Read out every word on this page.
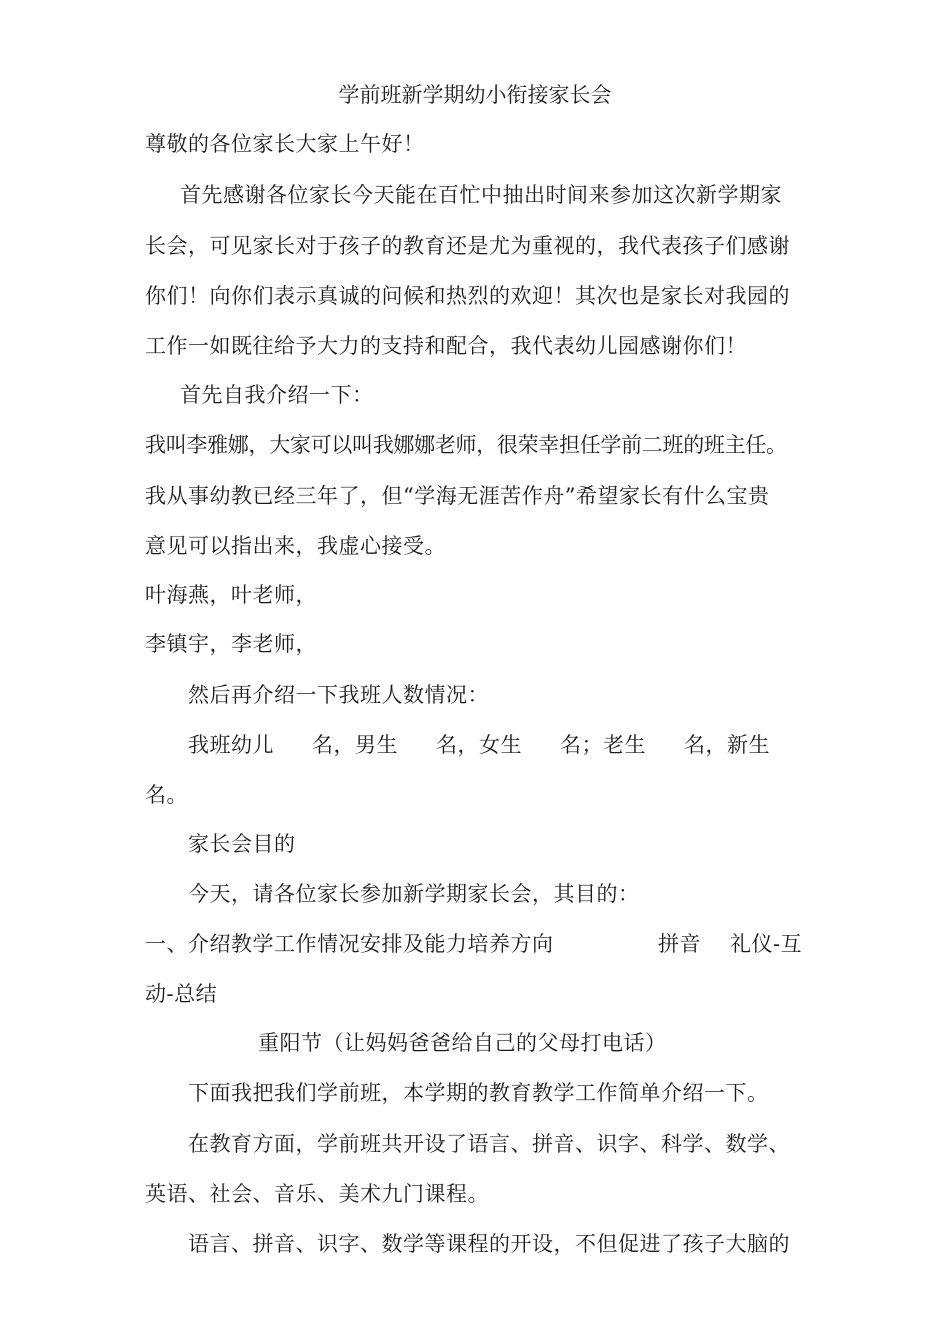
学前班新学期幼小衔接家长会
尊敬的各位家长大家上午好！
首先感谢各位家长今天能在百忙中抽出时间来参加这次新学期家
长会，可见家长对于孩子的教育还是尤为重视的，我代表孩子们感谢
你们！向你们表示真诚的问候和热烈的欢迎！其次也是家长对我园的
工作一如既往给予大力的支持和配合，我代表幼儿园感谢你们！
首先自我介绍一下：
我叫李雅娜，大家可以叫我娜娜老师，很荣幸担任学前二班的班主任。
我从事幼教已经三年了，但“学海无涯苦作舟”希望家长有什么宝贵
意见可以指出来，我虚心接受。
叶海燕，叶老师，
李镇宇，李老师，
然后再介绍一下我班人数情况：
我班幼儿 名，男生 名，女生 名；老生 名，新生
名。
家长会目的
今天，请各位家长参加新学期家长会，其目的：
一、介绍教学工作情况安排及能力培养方向	拼音 礼仪-互
动-总结
重阳节（让妈妈爸爸给自己的父母打电话）
下面我把我们学前班，本学期的教育教学工作简单介绍一下。
在教育方面，学前班共开设了语言、拼音、识字、科学、数学、
英语、社会、音乐、美术九门课程。
语言、拼音、识字、数学等课程的开设，不但促进了孩子大脑的
